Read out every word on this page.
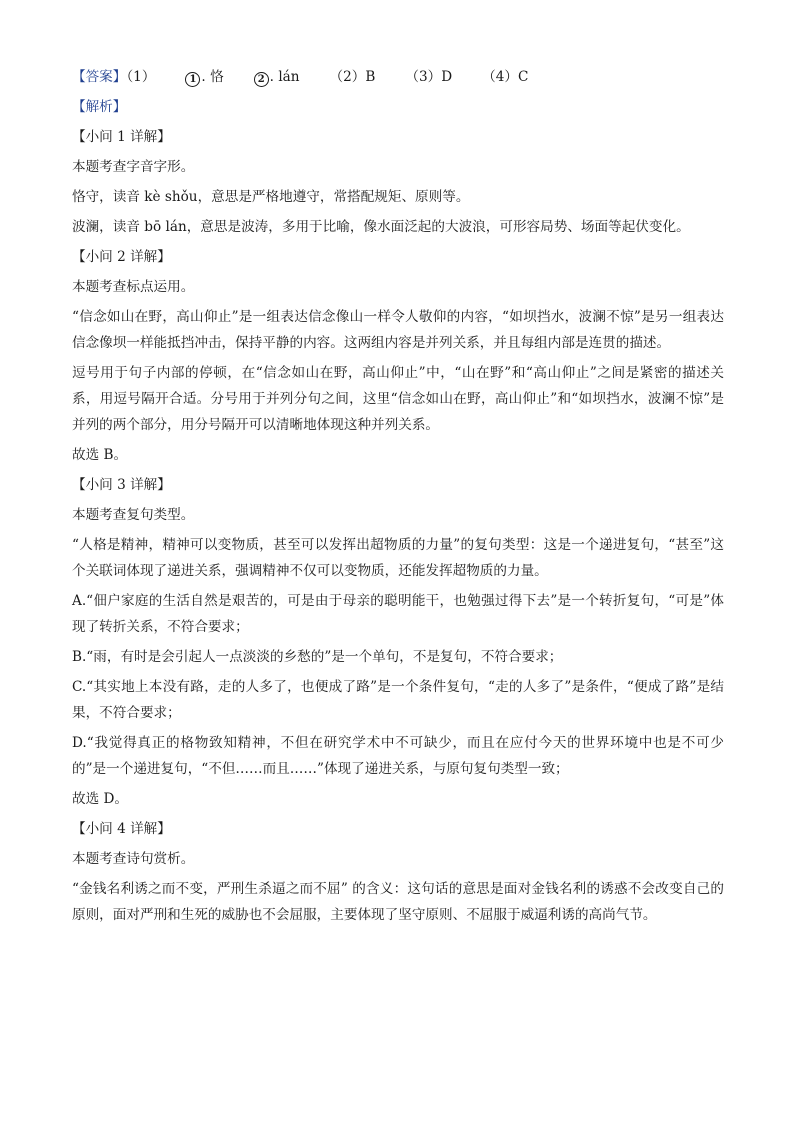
【答案】（1）	1 . 恪	2 . lán （2）B （3）D （4）C
【解析】
【小问 1 详解】
本题考查字音字形。
恪守，读音 kè shǒu，意思是严格地遵守，常搭配规矩、原则等。
波澜，读音 bō lán，意思是波涛，多用于比喻，像水面泛起的大波浪，可形容局势、场面等起伏变化。
【小问 2 详解】
本题考查标点运用。
“信念如山在野，高山仰止”是一组表达信念像山一样令人敬仰的内容，“如坝挡水，波澜不惊”是另一组表达信念像坝一样能抵挡冲击，保持平静的内容。这两组内容是并列关系，并且每组内部是连贯的描述。
逗号用于句子内部的停顿，在“信念如山在野，高山仰止”中，“山在野”和“高山仰止”之间是紧密的描述关系，用逗号隔开合适。分号用于并列分句之间，这里“信念如山在野，高山仰止”和“如坝挡水，波澜不惊”是并列的两个部分，用分号隔开可以清晰地体现这种并列关系。
故选 B。
【小问 3 详解】
本题考查复句类型。
“人格是精神，精神可以变物质，甚至可以发挥出超物质的力量”的复句类型：这是一个递进复句，“甚至”这个关联词体现了递进关系，强调精神不仅可以变物质，还能发挥超物质的力量。
A.“佃户家庭的生活自然是艰苦的，可是由于母亲的聪明能干，也勉强过得下去”是一个转折复句，“可是”体现了转折关系，不符合要求；
B.“雨，有时是会引起人一点淡淡的乡愁的”是一个单句，不是复句，不符合要求；
C.“其实地上本没有路，走的人多了，也便成了路”是一个条件复句，“走的人多了”是条件，“便成了路”是结果，不符合要求；
D.“我觉得真正的格物致知精神，不但在研究学术中不可缺少，而且在应付今天的世界环境中也是不可少的”是一个递进复句，“不但……而且……”体现了递进关系，与原句复句类型一致；
故选 D。
【小问 4 详解】
本题考查诗句赏析。
“金钱名利诱之而不变，严刑生杀逼之而不屈” 的含义：这句话的意思是面对金钱名利的诱惑不会改变自己的原则，面对严刑和生死的威胁也不会屈服，主要体现了坚守原则、不屈服于威逼利诱的高尚气节。
